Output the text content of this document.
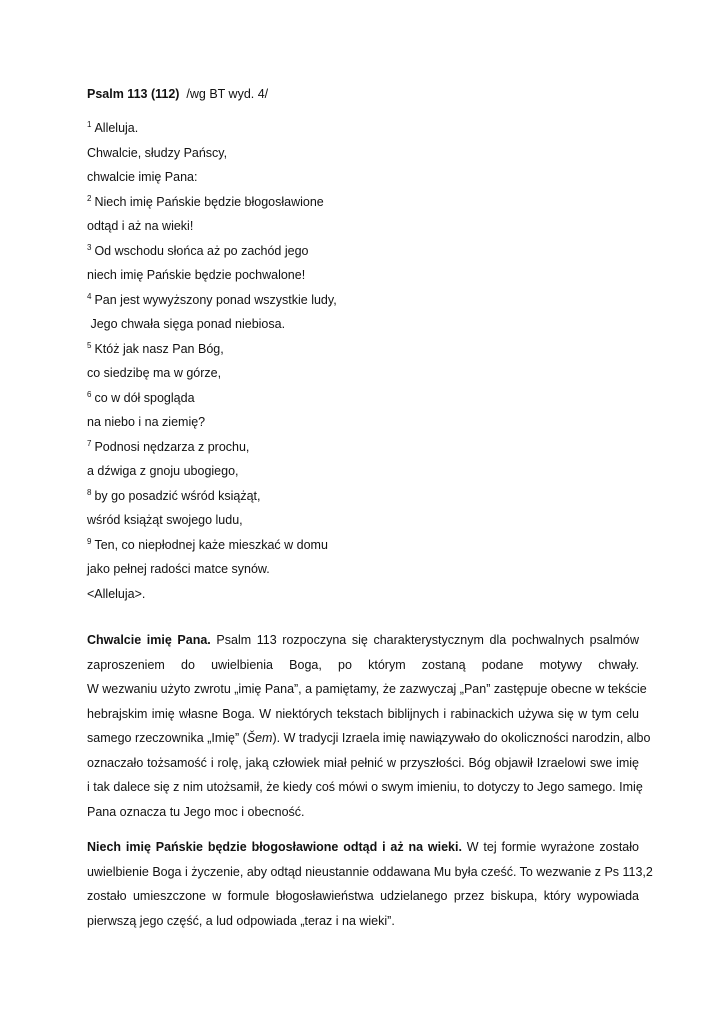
Psalm 113 (112) /wg BT wyd. 4/
$^1$ Alleluja.
Chwalcie, słudzy Pańscy,
chwalcie imię Pana:
$^2$ Niech imię Pańskie będzie błogosławione
odtąd i aż na wieki!
$^3$ Od wschodu słońca aż po zachód jego
niech imię Pańskie będzie pochwalone!
$^4$ Pan jest wywyższony ponad wszystkie ludy,
Jego chwała sięga ponad niebiosa.
$^5$ Któż jak nasz Pan Bóg,
co siedzibę ma w górze,
$^6$ co w dół spogląda
na niebo i na ziemię?
$^7$ Podnosi nędzarza z prochu,
a dźwiga z gnoju ubogiego,
$^8$ by go posadzić wśród książąt,
wśród książąt swojego ludu,
$^9$ Ten, co niepłodnej każe mieszkać w domu
jako pełnej radości matce synów.
<Alleluja>.
Chwalcie imię Pana. Psalm 113 rozpoczyna się charakterystycznym dla pochwalnych psalmów
zaproszeniem do uwielbienia Boga, po którym zostaną podane motywy chwały.
W wezwaniu użyto zwrotu „imię Pana”, a pamiętamy, że zazwyczaj „Pan” zastępuje obecne w tekście
hebrajskim imię własne Boga. W niektórych tekstach biblijnych i rabinackich używa się w tym celu
samego rzeczownika „Imię” (Šem). W tradycji Izraela imię nawiązywało do okoliczności narodzin, albo
oznaczało tożsamość i rolę, jaką człowiek miał pełnić w przyszłości. Bóg objawił Izraelowi swe imię
i tak dalece się z nim utożsamił, że kiedy coś mówi o swym imieniu, to dotyczy to Jego samego. Imię
Pana oznacza tu Jego moc i obecność.
Niech imię Pańskie będzie błogosławione odtąd i aż na wieki. W tej formie wyrażone zostało
uwielbienie Boga i życzenie, aby odtąd nieustannie oddawana Mu była cześć. To wezwanie z Ps 113,2
zostało umieszczone w formule błogosławieństwa udzielanego przez biskupa, który wypowiada
pierwszą jego część, a lud odpowiada „teraz i na wieki”.
